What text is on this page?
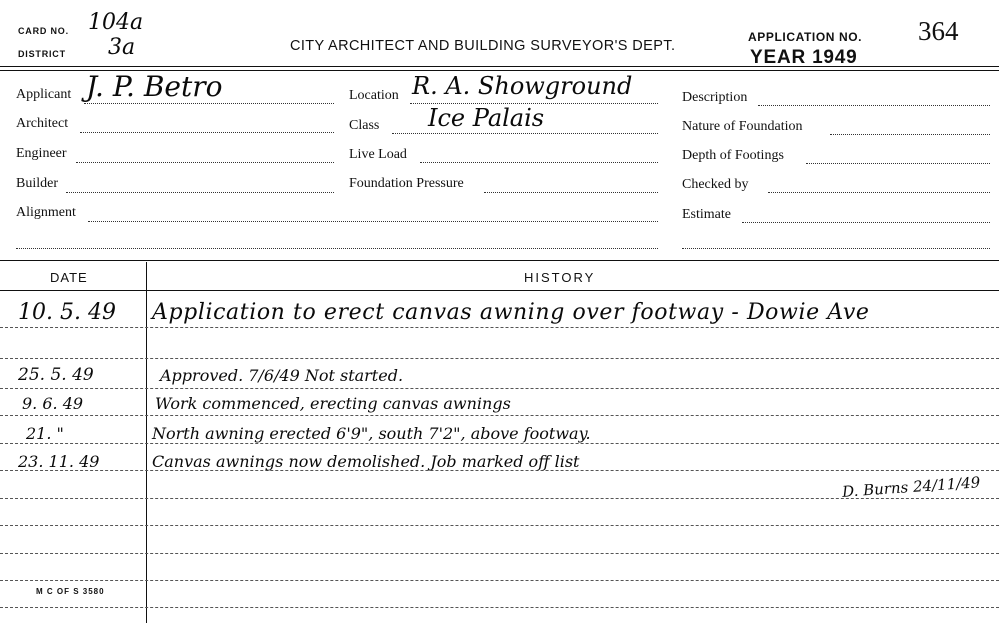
CARD NO. 104a
DISTRICT 3a	CITY ARCHITECT AND BUILDING SURVEYOR'S DEPT.
APPLICATION NO. 364
YEAR 1949
Applicant J. P. Betro
Architect
Engineer
Builder
Alignment
Location R. A. Showground
Class Ice Palais
Live Load
Foundation Pressure
Description
Nature of Foundation
Depth of Footings
Checked by
Estimate
DATE	HISTORY
10. 5. 49 Application to erect canvas awning over footway - Dowie Ave
25. 5. 49	Approved. 7/6/49 Not started.
9. 6. 49	Work commenced, erecting canvas awnings
21. "	North awning erected 6'9", south 7'2", above footway.
23. 11. 49	Canvas awnings now demolished. Job marked off list
D. Burns 24/11/49
M C OF S 3580
